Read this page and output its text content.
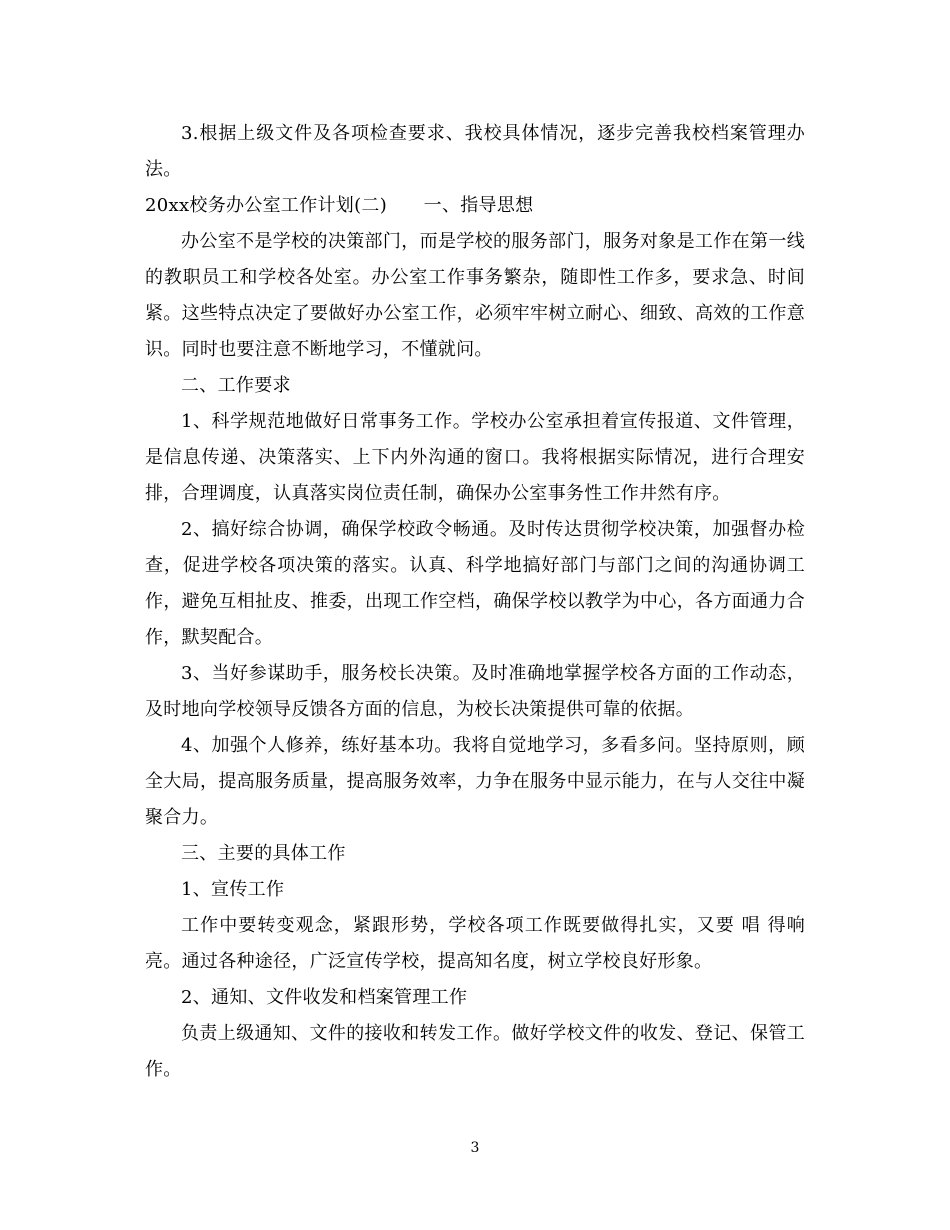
3.根据上级文件及各项检查要求、我校具体情况，逐步完善我校档案管理办法。

20xx校务办公室工作计划(二)　　一、指导思想

办公室不是学校的决策部门，而是学校的服务部门，服务对象是工作在第一线的教职员工和学校各处室。办公室工作事务繁杂，随即性工作多，要求急、时间紧。这些特点决定了要做好办公室工作，必须牢牢树立耐心、细致、高效的工作意识。同时也要注意不断地学习，不懂就问。

二、工作要求

1、科学规范地做好日常事务工作。学校办公室承担着宣传报道、文件管理，是信息传递、决策落实、上下内外沟通的窗口。我将根据实际情况，进行合理安排，合理调度，认真落实岗位责任制，确保办公室事务性工作井然有序。

2、搞好综合协调，确保学校政令畅通。及时传达贯彻学校决策，加强督办检查，促进学校各项决策的落实。认真、科学地搞好部门与部门之间的沟通协调工作，避免互相扯皮、推委，出现工作空档，确保学校以教学为中心，各方面通力合作，默契配合。

3、当好参谋助手，服务校长决策。及时准确地掌握学校各方面的工作动态，及时地向学校领导反馈各方面的信息，为校长决策提供可靠的依据。

4、加强个人修养，练好基本功。我将自觉地学习，多看多问。坚持原则，顾全大局，提高服务质量，提高服务效率，力争在服务中显示能力，在与人交往中凝聚合力。

三、主要的具体工作

1、宣传工作

工作中要转变观念，紧跟形势，学校各项工作既要做得扎实，又要 唱 得响亮。通过各种途径，广泛宣传学校，提高知名度，树立学校良好形象。

2、通知、文件收发和档案管理工作

负责上级通知、文件的接收和转发工作。做好学校文件的收发、登记、保管工作。

3
